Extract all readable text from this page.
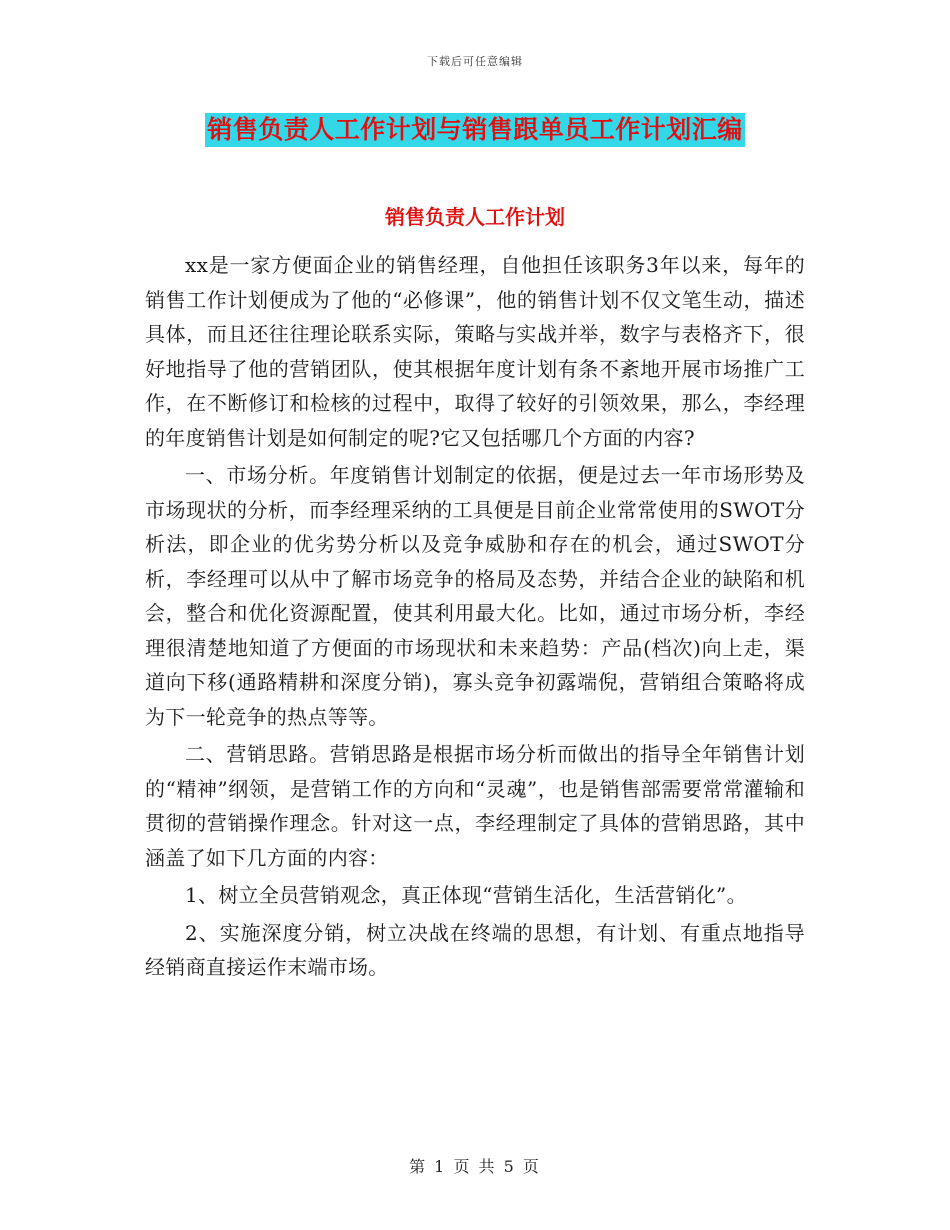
下载后可任意编辑
销售负责人工作计划与销售跟单员工作计划汇编
销售负责人工作计划

xx是一家方便面企业的销售经理，自他担任该职务3年以来，每年的销售工作计划便成为了他的“必修课”，他的销售计划不仅文笔生动，描述具体，而且还往往理论联系实际，策略与实战并举，数字与表格齐下，很好地指导了他的营销团队，使其根据年度计划有条不紊地开展市场推广工作，在不断修订和检核的过程中，取得了较好的引领效果，那么，李经理的年度销售计划是如何制定的呢?它又包括哪几个方面的内容?

一、市场分析。年度销售计划制定的依据，便是过去一年市场形势及市场现状的分析，而李经理采纳的工具便是目前企业常常使用的SWOT分析法，即企业的优劣势分析以及竞争威胁和存在的机会，通过SWOT分析，李经理可以从中了解市场竞争的格局及态势，并结合企业的缺陷和机会，整合和优化资源配置，使其利用最大化。比如，通过市场分析，李经理很清楚地知道了方便面的市场现状和未来趋势：产品(档次)向上走，渠道向下移(通路精耕和深度分销)，寡头竞争初露端倪，营销组合策略将成为下一轮竞争的热点等等。

二、营销思路。营销思路是根据市场分析而做出的指导全年销售计划的“精神”纲领，是营销工作的方向和“灵魂”，也是销售部需要常常灌输和贯彻的营销操作理念。针对这一点，李经理制定了具体的营销思路，其中涵盖了如下几方面的内容：

1、树立全员营销观念，真正体现“营销生活化，生活营销化”。

2、实施深度分销，树立决战在终端的思想，有计划、有重点地指导经销商直接运作末端市场。

第 1 页 共 5 页
